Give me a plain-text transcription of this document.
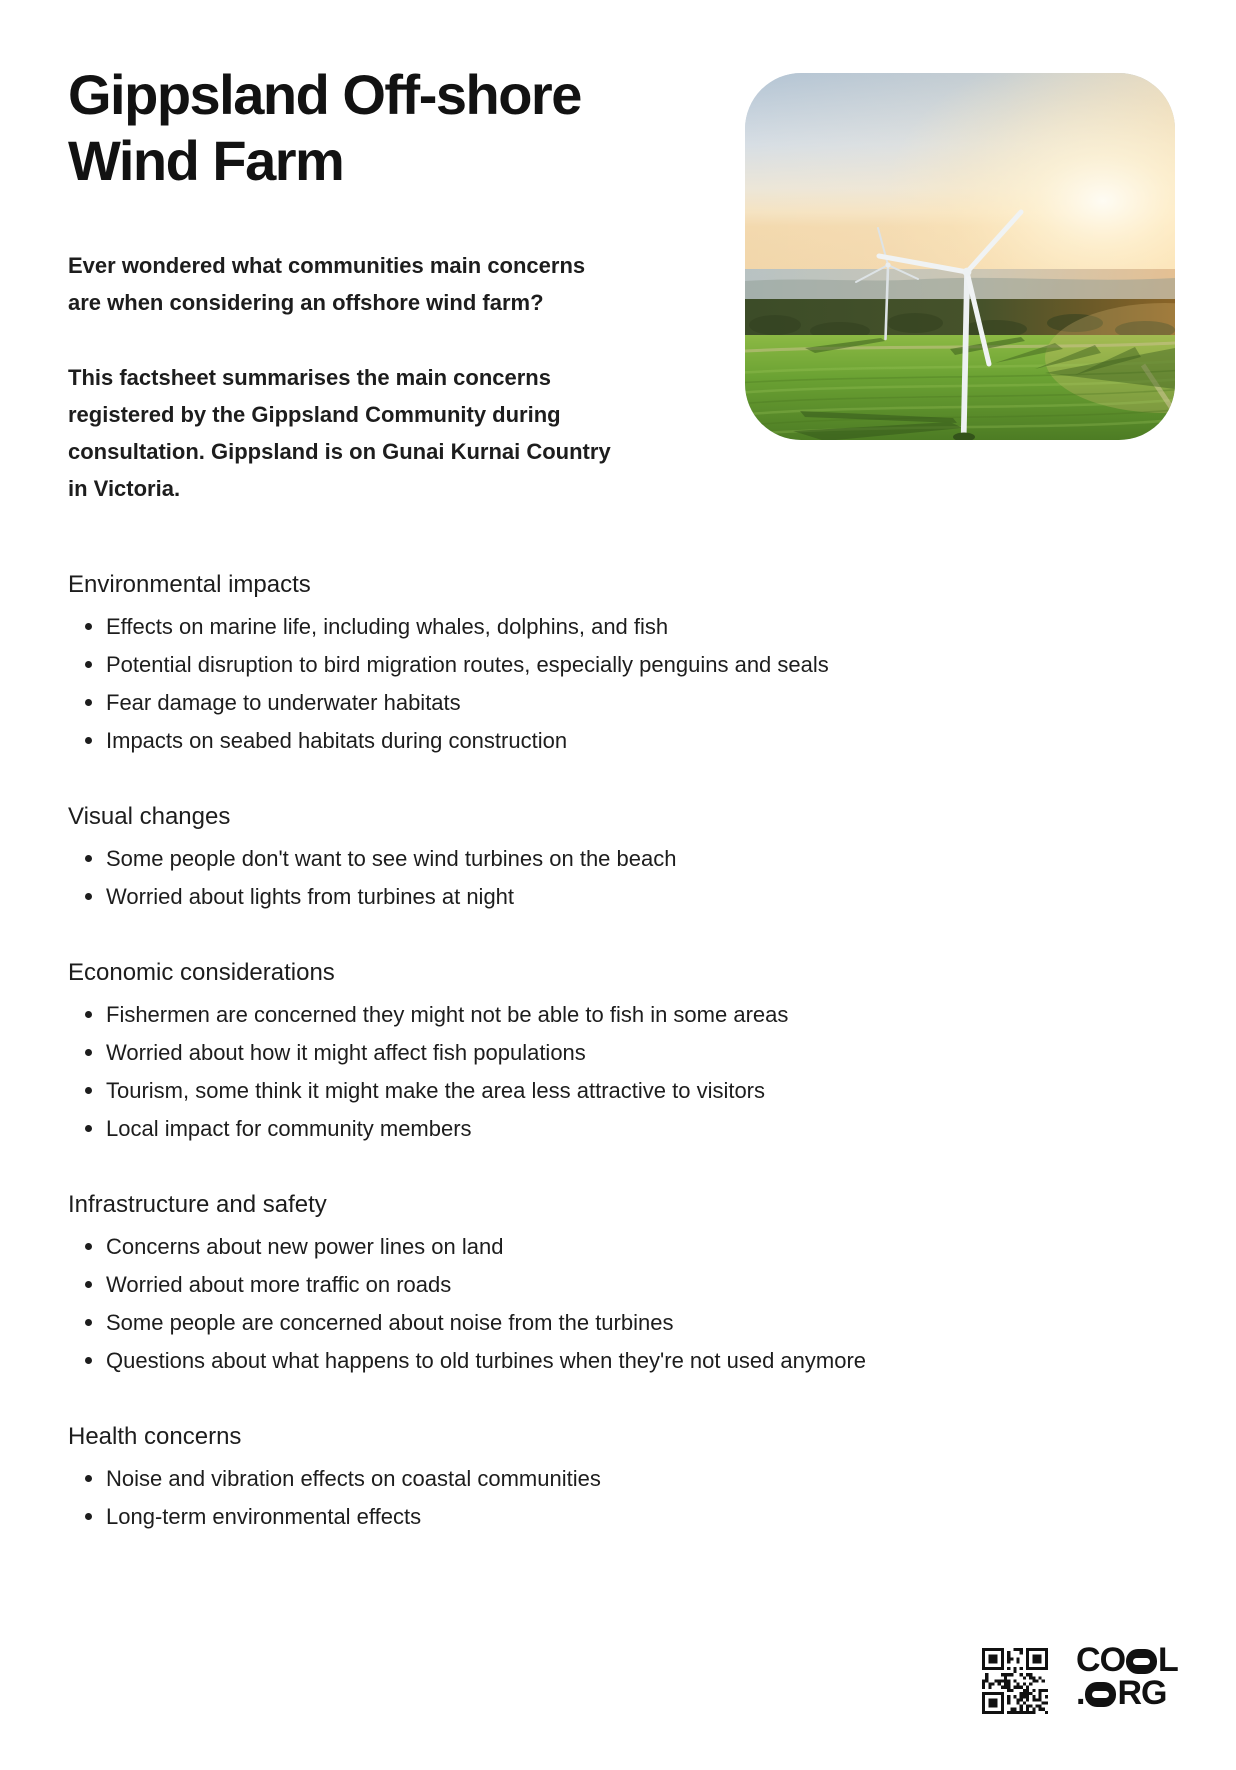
Gippsland Off-shore Wind Farm

Ever wondered what communities main concerns are when considering an offshore wind farm?

This factsheet summarises the main concerns registered by the Gippsland Community during consultation. Gippsland is on Gunai Kurnai Country in Victoria.

Environmental impacts
Effects on marine life, including whales, dolphins, and fish
Potential disruption to bird migration routes, especially penguins and seals
Fear damage to underwater habitats
Impacts on seabed habitats during construction
Visual changes
Some people don't want to see wind turbines on the beach
Worried about lights from turbines at night
Economic considerations
Fishermen are concerned they might not be able to fish in some areas
Worried about how it might affect fish populations
Tourism, some think it might make the area less attractive to visitors
Local impact for community members
Infrastructure and safety
Concerns about new power lines on land
Worried about more traffic on roads
Some people are concerned about noise from the turbines
Questions about what happens to old turbines when they're not used anymore
Health concerns
Noise and vibration effects on coastal communities
Long-term environmental effects
C O L
. R G
